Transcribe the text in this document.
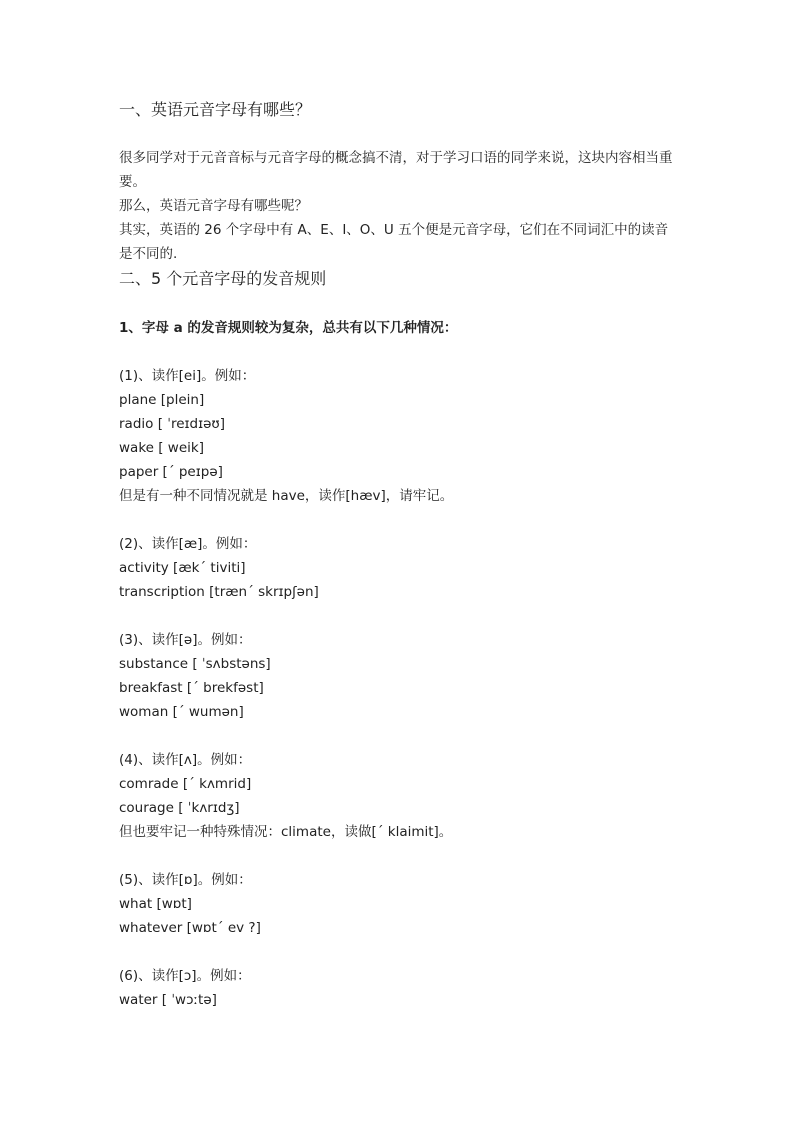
一、英语元音字母有哪些？

很多同学对于元音音标与元音字母的概念搞不清，对于学习口语的同学来说，这块内容相当重要。

那么，英语元音字母有哪些呢？

其实，英语的 26 个字母中有 A、E、I、O、U 五个便是元音字母，它们在不同词汇中的读音是不同的.

二、5 个元音字母的发音规则

1、字母 a 的发音规则较为复杂，总共有以下几种情况：

(1)、读作[ei]。例如：

plane [plein]

radio [ ˈreɪdɪəʊ]

wake [ weik]

paper [ˊ peɪpə]

但是有一种不同情况就是 have，读作[hæv]，请牢记。

(2)、读作[æ]。例如：

activity [ækˊ tiviti]

transcription [trænˊ skrɪpʃən]

(3)、读作[ə]。例如：

substance [ ˈsʌbstəns]

breakfast [ˊ brekfəst]

woman [ˊ wumən]

(4)、读作[ʌ]。例如：

comrade [ˊ kʌmrid]

courage [ ˈkʌrɪdʒ]

但也要牢记一种特殊情况：climate，读做[ˊ klaimit]。

(5)、读作[ɒ]。例如：

what [wɒt]

whatever [wɒtˊ ev ?]

(6)、读作[ɔ]。例如：

water [ ˈwɔːtə]
